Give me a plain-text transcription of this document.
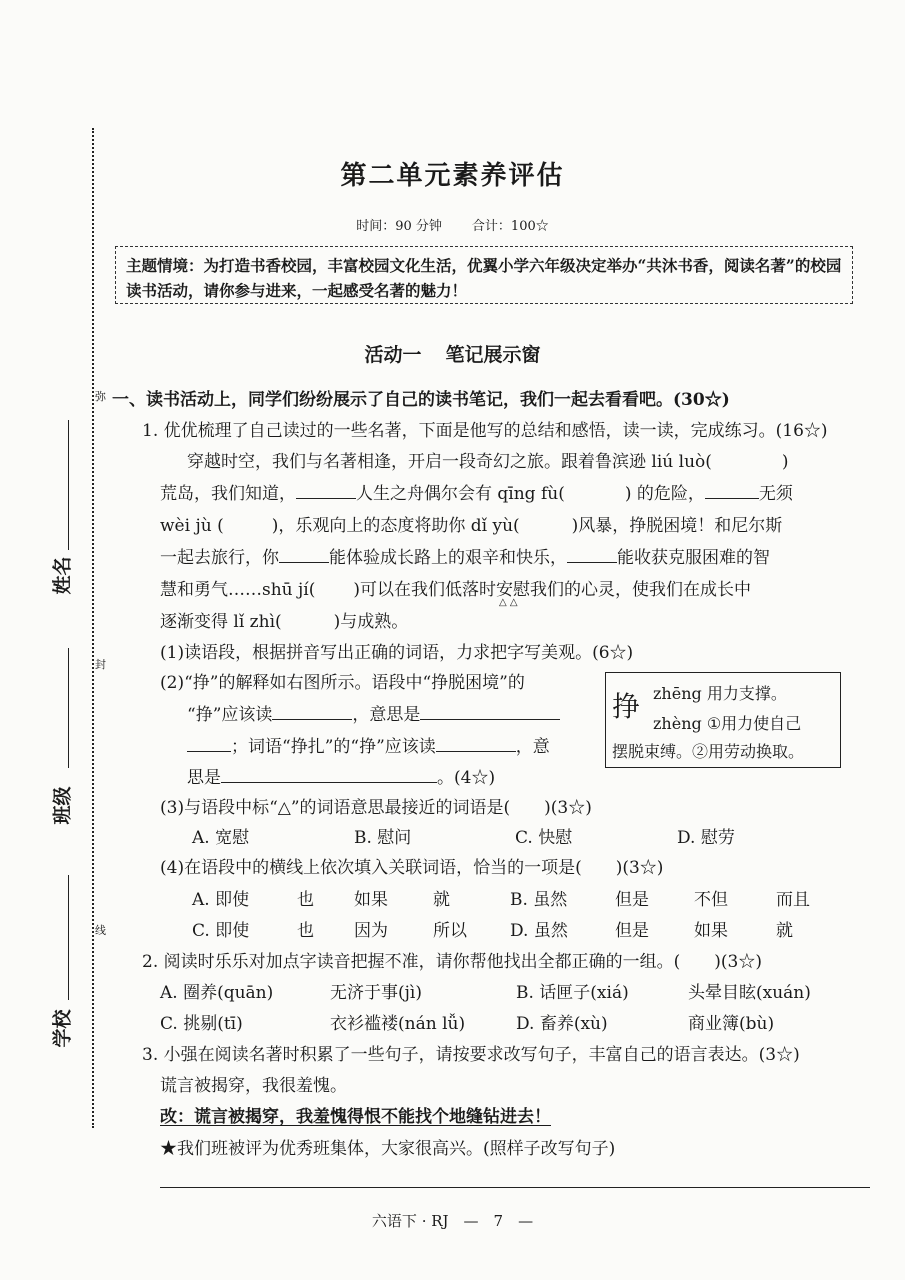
弥
封
线
姓名
班级
学校
第二单元素养评估
时间：90 分钟 合计：100☆
主题情境：为打造书香校园，丰富校园文化生活，优翼小学六年级决定举办“共沐书香，阅读名著”的校园读书活动，请你参与进来，一起感受名著的魅力！
活动一 笔记展示窗
一、读书活动上，同学们纷纷展示了自己的读书笔记，我们一起去看看吧。(30☆)
1. 优优梳理了自己读过的一些名著，下面是他写的总结和感悟，读一读，完成练习。(16☆)
穿越时空，我们与名著相逢，开启一段奇幻之旅。跟着鲁滨逊 liú luò(	)
荒岛，我们知道，	人生之舟偶尔会有 qīng fù(	) 的危险，	无须
wèi jù (	)，乐观向上的态度将助你 dǐ yù(	)风暴，挣脱困境！和尼尔斯
一起去旅行，你	能体验成长路上的艰辛和快乐，	能收获克服困难的智
慧和勇气……shū jí( )可以在我们低落时安慰
△ △
我们的心灵，使我们在成长中
逐渐变得 lǐ zhì(	)与成熟。
(1)读语段，根据拼音写出正确的词语，力求把字写美观。(6☆)
(2)“挣”的解释如右图所示。语段中“挣脱困境”的
“挣”应该读	，意思是
；词语“挣扎”的“挣”应该读	，意
思是	。(4☆)
挣 zhēng 用力支撑。
zhèng ①用力使自己
摆脱束缚。②用劳动换取。
(3)与语段中标“△”的词语意思最接近的词语是(　　)(3☆)
A. 宽慰	B. 慰问	C. 快慰	D. 慰劳
(4)在语段中的横线上依次填入关联词语，恰当的一项是(　　)(3☆)
A. 即使	也 如果	就	B. 虽然	但是	不但	而且
C. 即使	也 因为	所以	D. 虽然	但是	如果	就
2. 阅读时乐乐对加点字读音把握不准，请你帮他找出全都正确的一组。(　　)(3☆)
A. 圈养(quān)	无济于事(jì)	B. 话匣子(xiá)	头晕目眩(xuán)
C. 挑剔(tī)	衣衫褴褛(nán lǚ)	D. 畜养(xù)	商业簿(bù)
3. 小强在阅读名著时积累了一些句子，请按要求改写句子，丰富自己的语言表达。(3☆)
谎言被揭穿，我很羞愧。
改：谎言被揭穿，我羞愧得恨不能找个地缝钻进去！
★我们班被评为优秀班集体，大家很高兴。(照样子改写句子)
六语下 · RJ　—　7　—
